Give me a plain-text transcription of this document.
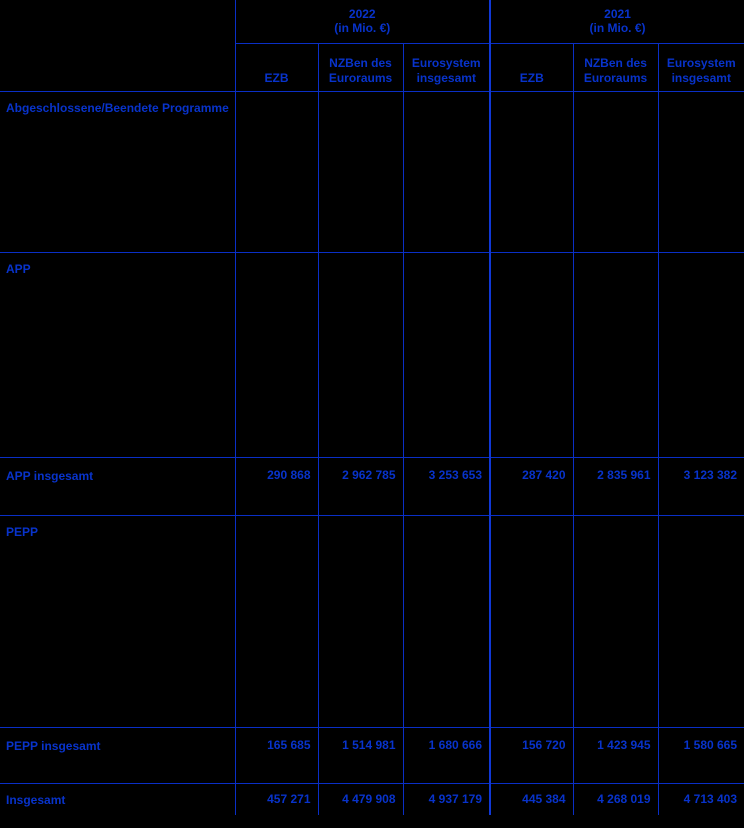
2022
(in Mio. €)

2021
(in Mio. €)

	EZB	NZBen des Euroraums	Eurosystem insgesamt	EZB	NZBen des Euroraums	Eurosystem insgesamt
Abgeschlossene/Beendete Programme						
APP						
APP insgesamt	290 868	2 962 785	3 253 653	287 420	2 835 961	3 123 382
PEPP						
PEPP insgesamt	165 685	1 514 981	1 680 666	156 720	1 423 945	1 580 665
Insgesamt	457 271	4 479 908	4 937 179	445 384	4 268 019	4 713 403
